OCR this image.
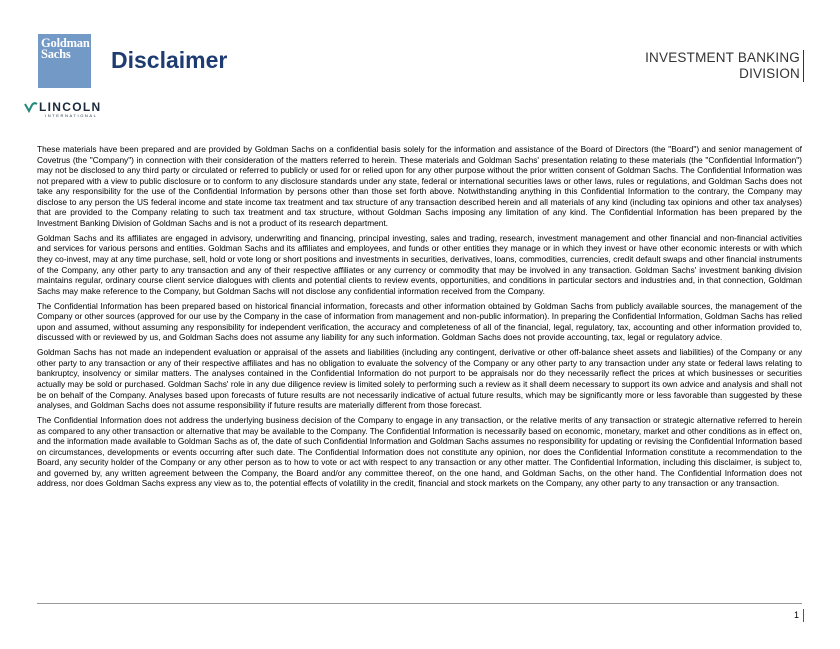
Goldman
Sachs	Disclaimer	INVESTMENT BANKING
DIVISION
LINCOLN
INTERNATIONAL

These materials have been prepared and are provided by Goldman Sachs on a confidential basis solely for the information and assistance of the Board of Directors (the "Board") and senior management of Covetrus (the "Company") in connection with their consideration of the matters referred to herein. These materials and Goldman Sachs' presentation relating to these materials (the "Confidential Information") may not be disclosed to any third party or circulated or referred to publicly or used for or relied upon for any other purpose without the prior written consent of Goldman Sachs. The Confidential Information was not prepared with a view to public disclosure or to conform to any disclosure standards under any state, federal or international securities laws or other laws, rules or regulations, and Goldman Sachs does not take any responsibility for the use of the Confidential Information by persons other than those set forth above. Notwithstanding anything in this Confidential Information to the contrary, the Company may disclose to any person the US federal income and state income tax treatment and tax structure of any transaction described herein and all materials of any kind (including tax opinions and other tax analyses) that are provided to the Company relating to such tax treatment and tax structure, without Goldman Sachs imposing any limitation of any kind. The Confidential Information has been prepared by the Investment Banking Division of Goldman Sachs and is not a product of its research department.

Goldman Sachs and its affiliates are engaged in advisory, underwriting and financing, principal investing, sales and trading, research, investment management and other financial and non-financial activities and services for various persons and entities. Goldman Sachs and its affiliates and employees, and funds or other entities they manage or in which they invest or have other economic interests or with which they co-invest, may at any time purchase, sell, hold or vote long or short positions and investments in securities, derivatives, loans, commodities, currencies, credit default swaps and other financial instruments of the Company, any other party to any transaction and any of their respective affiliates or any currency or commodity that may be involved in any transaction. Goldman Sachs' investment banking division maintains regular, ordinary course client service dialogues with clients and potential clients to review events, opportunities, and conditions in particular sectors and industries and, in that connection, Goldman Sachs may make reference to the Company, but Goldman Sachs will not disclose any confidential information received from the Company.

The Confidential Information has been prepared based on historical financial information, forecasts and other information obtained by Goldman Sachs from publicly available sources, the management of the Company or other sources (approved for our use by the Company in the case of information from management and non-public information). In preparing the Confidential Information, Goldman Sachs has relied upon and assumed, without assuming any responsibility for independent verification, the accuracy and completeness of all of the financial, legal, regulatory, tax, accounting and other information provided to, discussed with or reviewed by us, and Goldman Sachs does not assume any liability for any such information. Goldman Sachs does not provide accounting, tax, legal or regulatory advice.

Goldman Sachs has not made an independent evaluation or appraisal of the assets and liabilities (including any contingent, derivative or other off-balance sheet assets and liabilities) of the Company or any other party to any transaction or any of their respective affiliates and has no obligation to evaluate the solvency of the Company or any other party to any transaction under any state or federal laws relating to bankruptcy, insolvency or similar matters. The analyses contained in the Confidential Information do not purport to be appraisals nor do they necessarily reflect the prices at which businesses or securities actually may be sold or purchased. Goldman Sachs' role in any due diligence review is limited solely to performing such a review as it shall deem necessary to support its own advice and analysis and shall not be on behalf of the Company. Analyses based upon forecasts of future results are not necessarily indicative of actual future results, which may be significantly more or less favorable than suggested by these analyses, and Goldman Sachs does not assume responsibility if future results are materially different from those forecast.

The Confidential Information does not address the underlying business decision of the Company to engage in any transaction, or the relative merits of any transaction or strategic alternative referred to herein as compared to any other transaction or alternative that may be available to the Company. The Confidential Information is necessarily based on economic, monetary, market and other conditions as in effect on, and the information made available to Goldman Sachs as of, the date of such Confidential Information and Goldman Sachs assumes no responsibility for updating or revising the Confidential Information based on circumstances, developments or events occurring after such date. The Confidential Information does not constitute any opinion, nor does the Confidential Information constitute a recommendation to the Board, any security holder of the Company or any other person as to how to vote or act with respect to any transaction or any other matter. The Confidential Information, including this disclaimer, is subject to, and governed by, any written agreement between the Company, the Board and/or any committee thereof, on the one hand, and Goldman Sachs, on the other hand. The Confidential Information does not address, nor does Goldman Sachs express any view as to, the potential effects of volatility in the credit, financial and stock markets on the Company, any other party to any transaction or any transaction.

1
